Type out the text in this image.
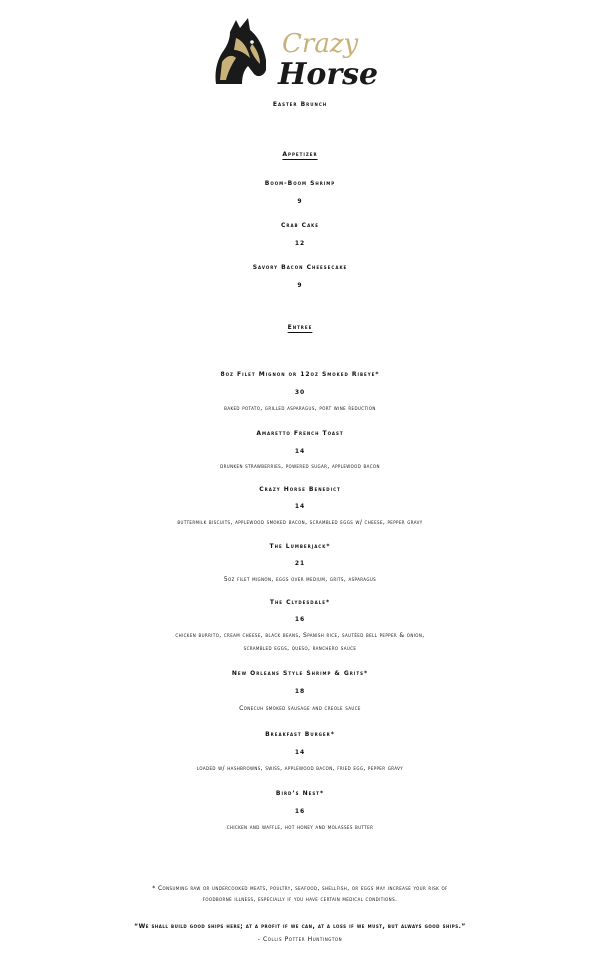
Crazy
Horse
Easter Brunch
Appetizer
Boom-Boom Shrimp
9
Crab Cake
12
Savory Bacon Cheesecake
9
Entree
8oz Filet Mignon or 12oz Smoked Ribeye*
30
baked potato, grilled asparagus, port wine reduction
Amaretto French Toast
14
drunken strawberries, powered sugar, applewood bacon
Crazy Horse Benedict
14
buttermilk biscuits, applewood smoked bacon, scrambled eggs w/ cheese, pepper gravy
The Lumberjack*
21
5oz filet mignon, eggs over medium, grits, asparagus
The Clydesdale*
16
chicken burrito, cream cheese, black beans, Spanish rice, sautéed bell pepper & onion,
scrambled eggs, queso, ranchero sauce
New Orleans Style Shrimp & Grits*
18
Conecuh smoked sausage and creole sauce
Breakfast Burger*
14
loaded w/ hashbrowns, swiss, applewood bacon, fried egg, pepper gravy
Bird’s Nest*
16
chicken and waffle, hot honey and molasses butter
* Consuming raw or undercooked meats, poultry, seafood, shellfish, or eggs may increase your risk of
foodborne illness, especially if you have certain medical conditions.
“We shall build good ships here; at a profit if we can, at a loss if we must, but always good ships.”
- Collis Potter Huntington
